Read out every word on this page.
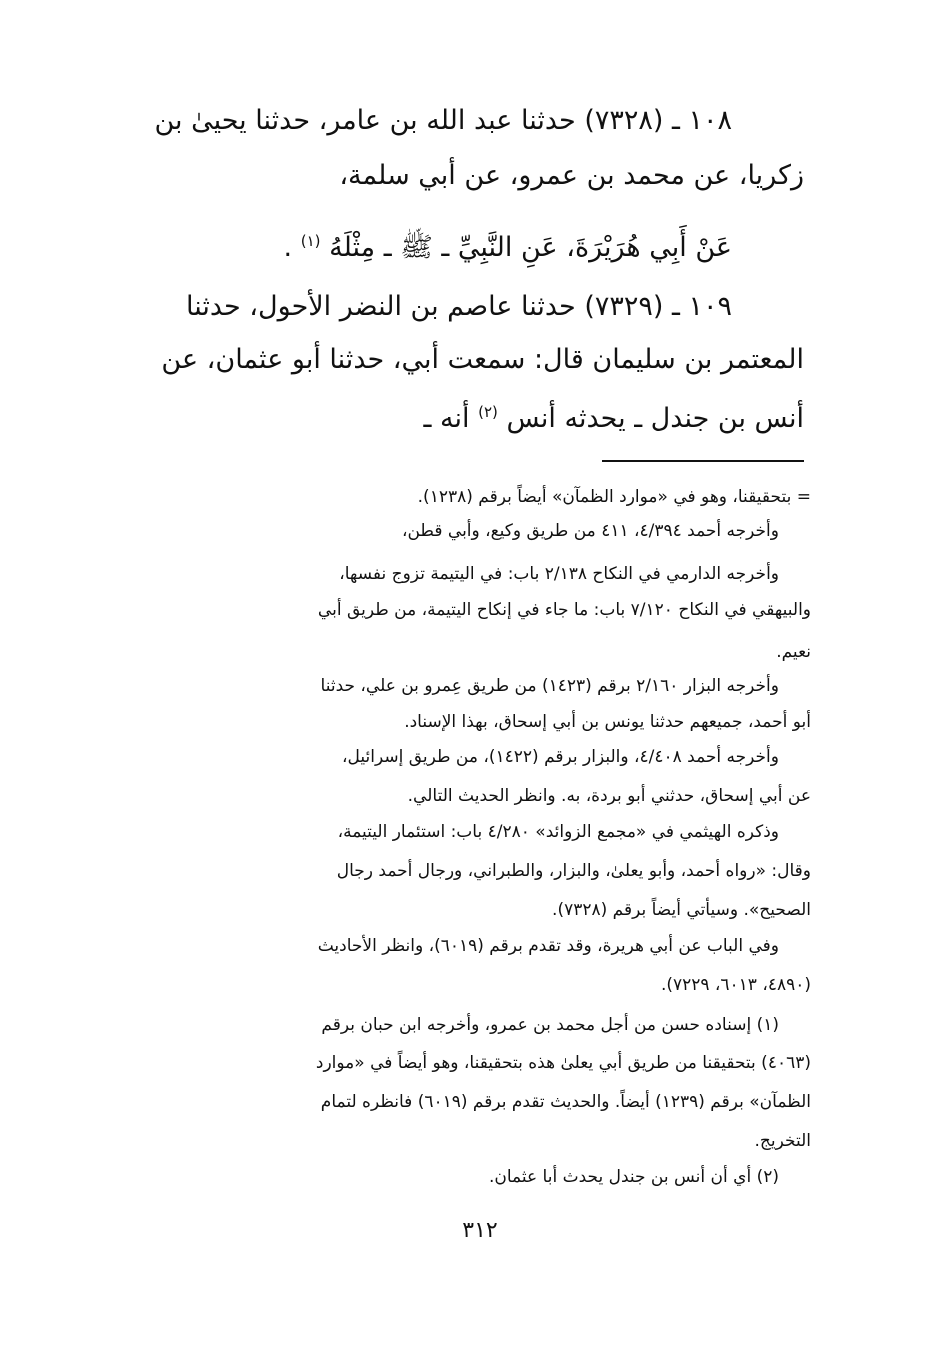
١٠٨ ـ (٧٣٢٨) حدثنا عبد الله بن عامر، حدثنا يحيىٰ بن
زكريا، عن محمد بن عمرو، عن أبي سلمة،
عَنْ أَبِي هُرَيْرَةَ، عَنِ النَّبِيِّ ـ ﷺ ـ مِثْلَهُ $^{(١)}$ .
١٠٩ ـ (٧٣٢٩) حدثنا عاصم بن النضر الأحول، حدثنا
المعتمر بن سليمان قال: سمعت أبي، حدثنا أبو عثمان، عن
أنس بن جندل ـ يحدثه أنس $^{(٢)}$ أنه ـ
= بتحقيقنا، وهو في «موارد الظمآن» أيضاً برقم (١٢٣٨).
وأخرجه أحمد ٤/٣٩٤، ٤١١ من طريق وكيع، وأبي قطن،
وأخرجه الدارمي في النكاح ٢/١٣٨ باب: في اليتيمة تزوج نفسها،
والبيهقي في النكاح ٧/١٢٠ باب: ما جاء في إنكاح اليتيمة، من طريق أبي
نعيم.
وأخرجه البزار ٢/١٦٠ برقم (١٤٢٣) من طريق عِمرو بن علي، حدثنا
أبو أحمد، جميعهم حدثنا يونس بن أبي إسحاق، بهذا الإسناد.
وأخرجه أحمد ٤/٤٠٨، والبزار برقم (١٤٢٢)، من طريق إسرائيل،
عن أبي إسحاق، حدثني أبو بردة، به. وانظر الحديث التالي.
وذكره الهيثمي في «مجمع الزوائد» ٤/٢٨٠ باب: استئمار اليتيمة،
وقال: «رواه أحمد، وأبو يعلىٰ، والبزار، والطبراني، ورجال أحمد رجال
الصحيح». وسيأتي أيضاً برقم (٧٣٢٨).
وفي الباب عن أبي هريرة، وقد تقدم برقم (٦٠١٩)، وانظر الأحاديث
(٤٨٩٠، ٦٠١٣، ٧٢٢٩).
(١) إسناده حسن من أجل محمد بن عمرو، وأخرجه ابن حبان برقم
(٤٠٦٣) بتحقيقنا من طريق أبي يعلىٰ هذه بتحقيقنا، وهو أيضاً في «موارد
الظمآن» برقم (١٢٣٩) أيضاً. والحديث تقدم برقم (٦٠١٩) فانظره لتمام
التخريج.
(٢) أي أن أنس بن جندل يحدث أبا عثمان.
٣١٢
